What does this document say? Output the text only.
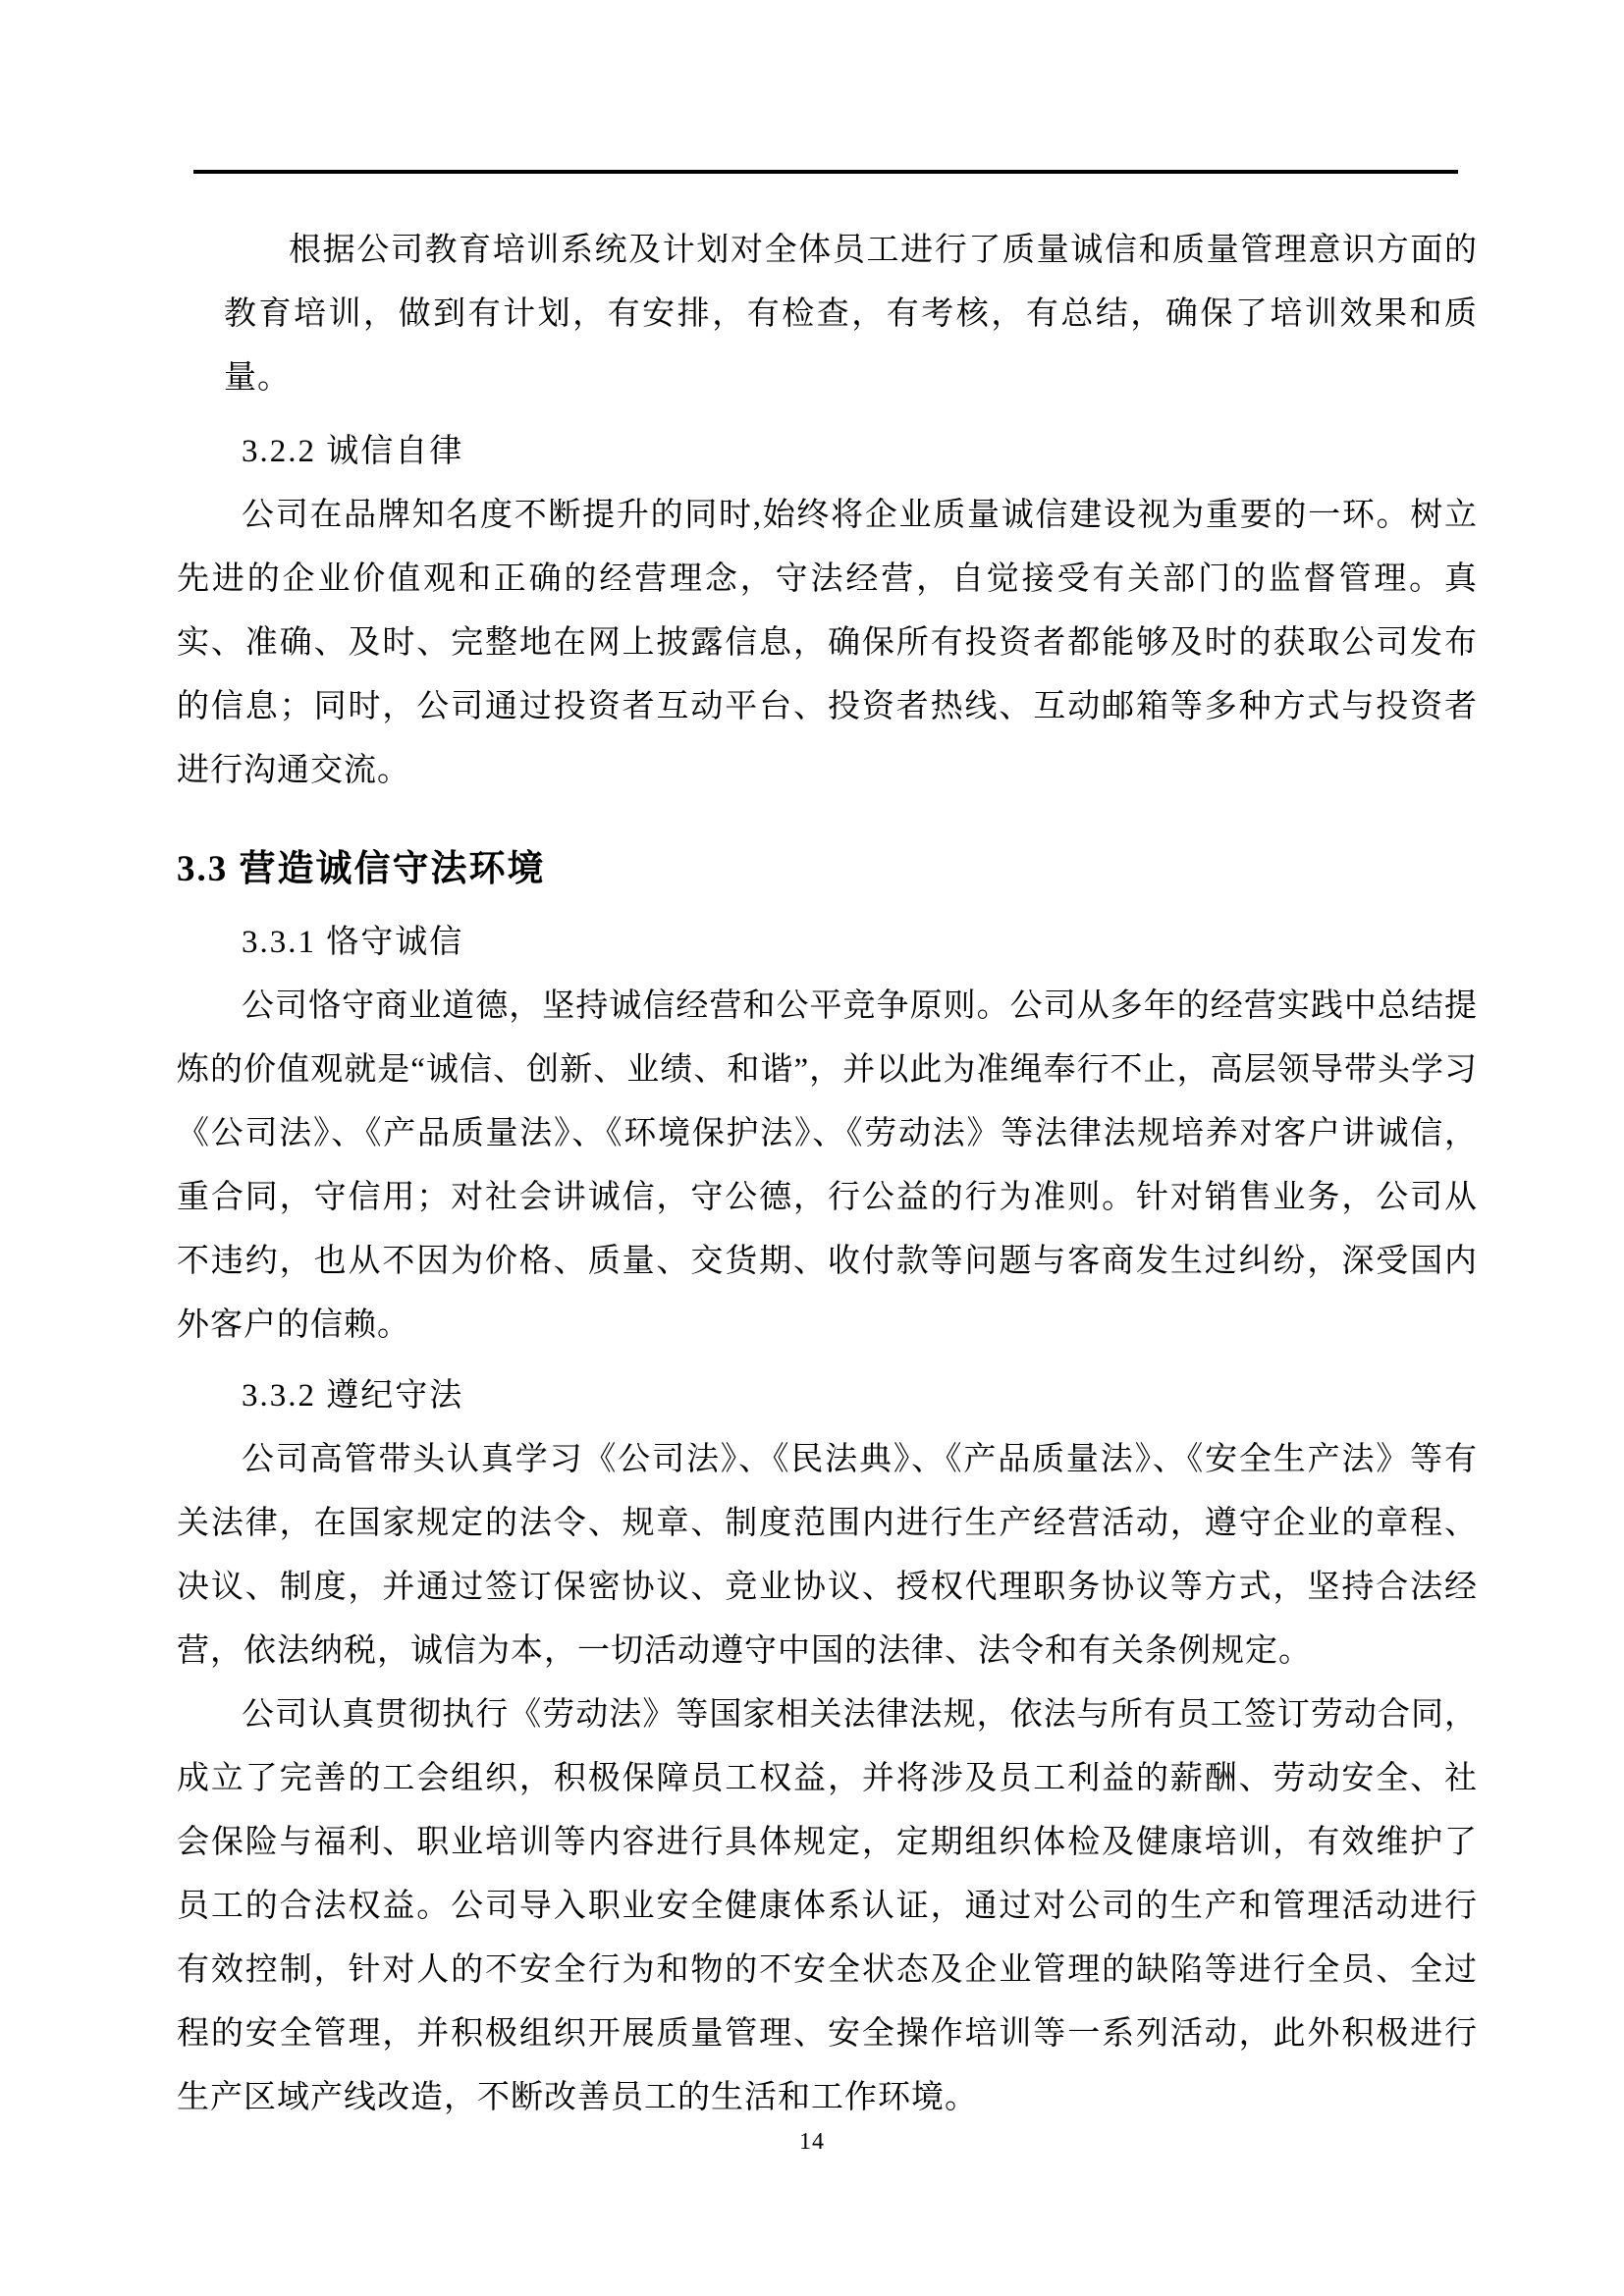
根据公司教育培训系统及计划对全体员工进行了质量诚信和质量管理意识方面的教育培训，做到有计划，有安排，有检查，有考核，有总结，确保了培训效果和质量。

3.2.2 诚信自律

公司在品牌知名度不断提升的同时,始终将企业质量诚信建设视为重要的一环。树立先进的企业价值观和正确的经营理念，守法经营，自觉接受有关部门的监督管理。真实、准确、及时、完整地在网上披露信息，确保所有投资者都能够及时的获取公司发布的信息；同时，公司通过投资者互动平台、投资者热线、互动邮箱等多种方式与投资者进行沟通交流。

3.3 营造诚信守法环境
3.3.1 恪守诚信

公司恪守商业道德，坚持诚信经营和公平竞争原则。公司从多年的经营实践中总结提炼的价值观就是“诚信、创新、业绩、和谐”，并以此为准绳奉行不止，高层领导带头学习《公司法》、《产品质量法》、《环境保护法》、《劳动法》等法律法规培养对客户讲诚信，重合同，守信用；对社会讲诚信，守公德，行公益的行为准则。针对销售业务，公司从不违约，也从不因为价格、质量、交货期、收付款等问题与客商发生过纠纷，深受国内外客户的信赖。

3.3.2 遵纪守法

公司高管带头认真学习《公司法》、《民法典》、《产品质量法》、《安全生产法》等有关法律，在国家规定的法令、规章、制度范围内进行生产经营活动，遵守企业的章程、决议、制度，并通过签订保密协议、竞业协议、授权代理职务协议等方式，坚持合法经营，依法纳税，诚信为本，一切活动遵守中国的法律、法令和有关条例规定。

公司认真贯彻执行《劳动法》等国家相关法律法规，依法与所有员工签订劳动合同，成立了完善的工会组织，积极保障员工权益，并将涉及员工利益的薪酬、劳动安全、社会保险与福利、职业培训等内容进行具体规定，定期组织体检及健康培训，有效维护了员工的合法权益。公司导入职业安全健康体系认证，通过对公司的生产和管理活动进行有效控制，针对人的不安全行为和物的不安全状态及企业管理的缺陷等进行全员、全过程的安全管理，并积极组织开展质量管理、安全操作培训等一系列活动，此外积极进行生产区域产线改造，不断改善员工的生活和工作环境。

14
